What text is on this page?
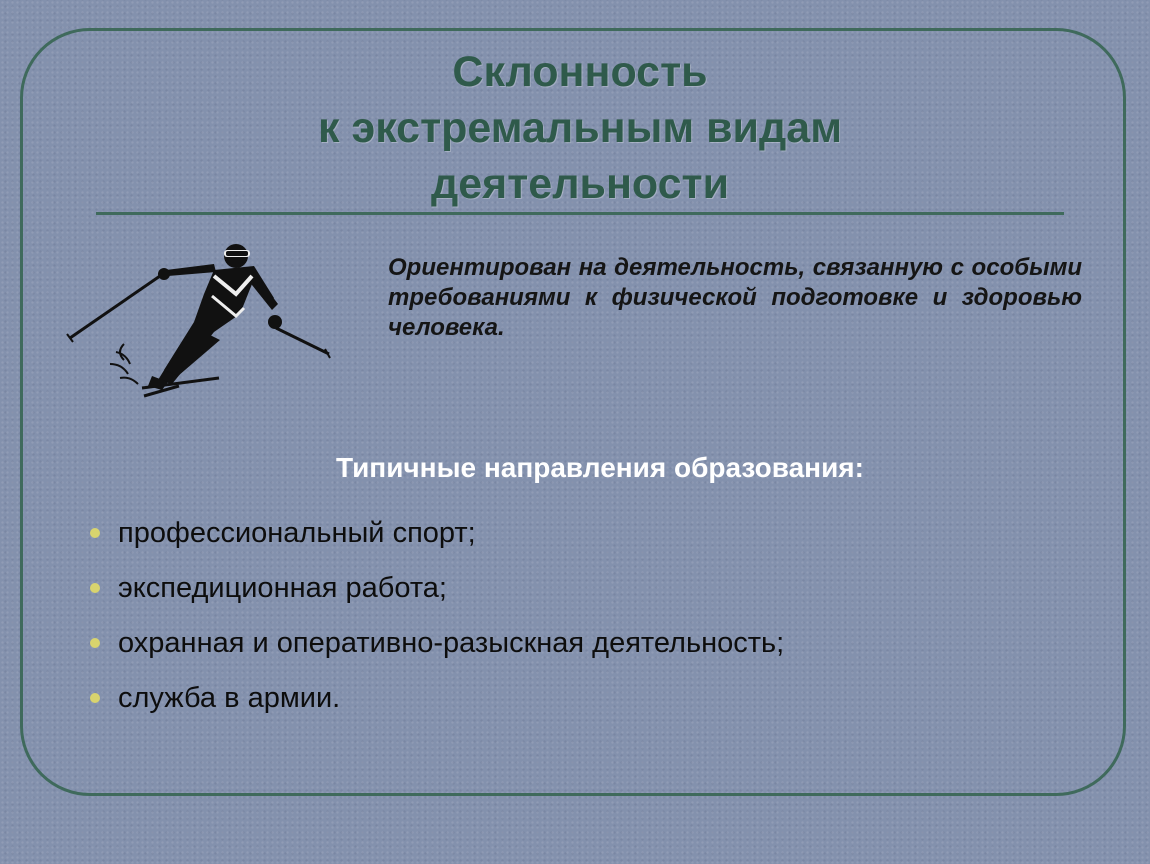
Склонность
к экстремальным видам
деятельности
Ориентирован на деятельность, связанную с особыми требованиями к физической подготовке и здоровью человека.
Типичные направления образования:
профессиональный спорт;
экспедиционная работа;
охранная и оперативно-разыскная деятельность;
служба в армии.
